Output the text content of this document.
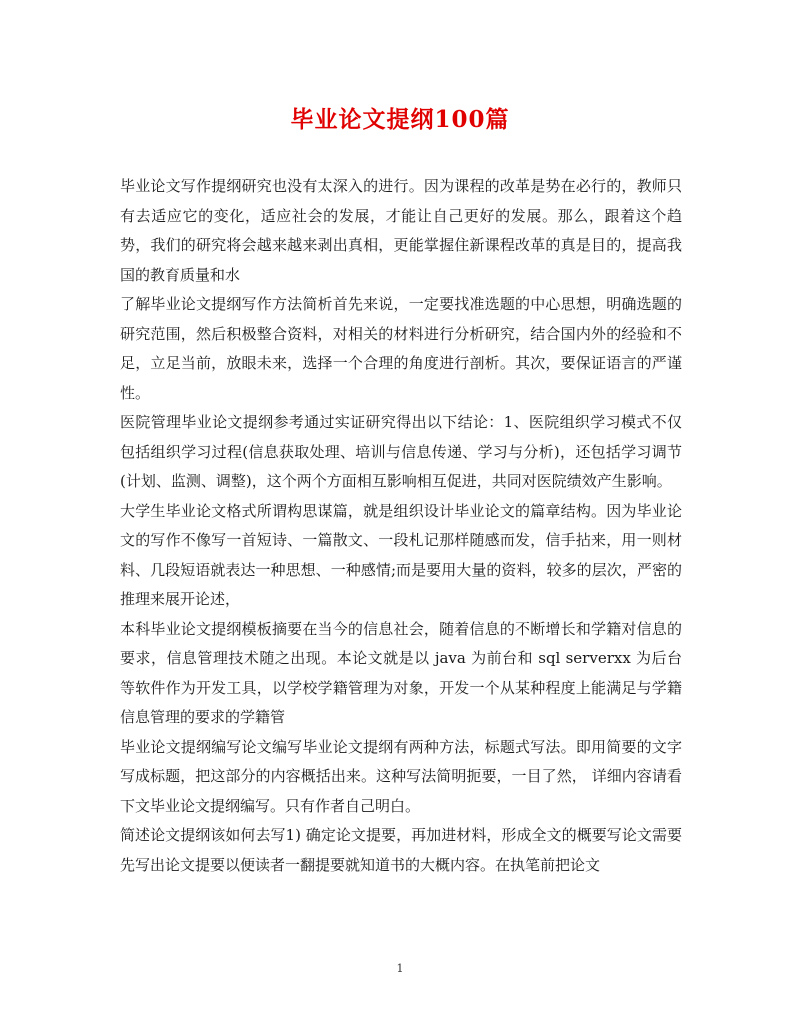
毕业论文提纲100篇

毕业论文写作提纲研究也没有太深入的进行。因为课程的改革是势在必行的，教师只有去适应它的变化，适应社会的发展，才能让自己更好的发展。那么，跟着这个趋势，我们的研究将会越来越来剥出真相，更能掌握住新课程改革的真是目的，提高我国的教育质量和水

了解毕业论文提纲写作方法简析首先来说，一定要找准选题的中心思想，明确选题的研究范围，然后积极整合资料，对相关的材料进行分析研究，结合国内外的经验和不足，立足当前，放眼未来，选择一个合理的角度进行剖析。其次，要保证语言的严谨性。

医院管理毕业论文提纲参考通过实证研究得出以下结论：1、医院组织学习模式不仅包括组织学习过程(信息获取处理、培训与信息传递、学习与分析)，还包括学习调节(计划、监测、调整)，这个两个方面相互影响相互促进，共同对医院绩效产生影响。

大学生毕业论文格式所谓构思谋篇，就是组织设计毕业论文的篇章结构。因为毕业论文的写作不像写一首短诗、一篇散文、一段札记那样随感而发，信手拈来，用一则材料、几段短语就表达一种思想、一种感情;而是要用大量的资料，较多的层次，严密的推理来展开论述，

本科毕业论文提纲模板摘要在当今的信息社会，随着信息的不断增长和学籍对信息的要求，信息管理技术随之出现。本论文就是以 java 为前台和 sql serverxx 为后台等软件作为开发工具，以学校学籍管理为对象，开发一个从某种程度上能满足与学籍信息管理的要求的学籍管

毕业论文提纲编写论文编写毕业论文提纲有两种方法，标题式写法。即用简要的文字写成标题，把这部分的内容概括出来。这种写法简明扼要，一目了然， 详细内容请看下文毕业论文提纲编写。只有作者自己明白。

简述论文提纲该如何去写1) 确定论文提要，再加进材料，形成全文的概要写论文需要先写出论文提要以便读者一翻提要就知道书的大概内容。在执笔前把论文

1
